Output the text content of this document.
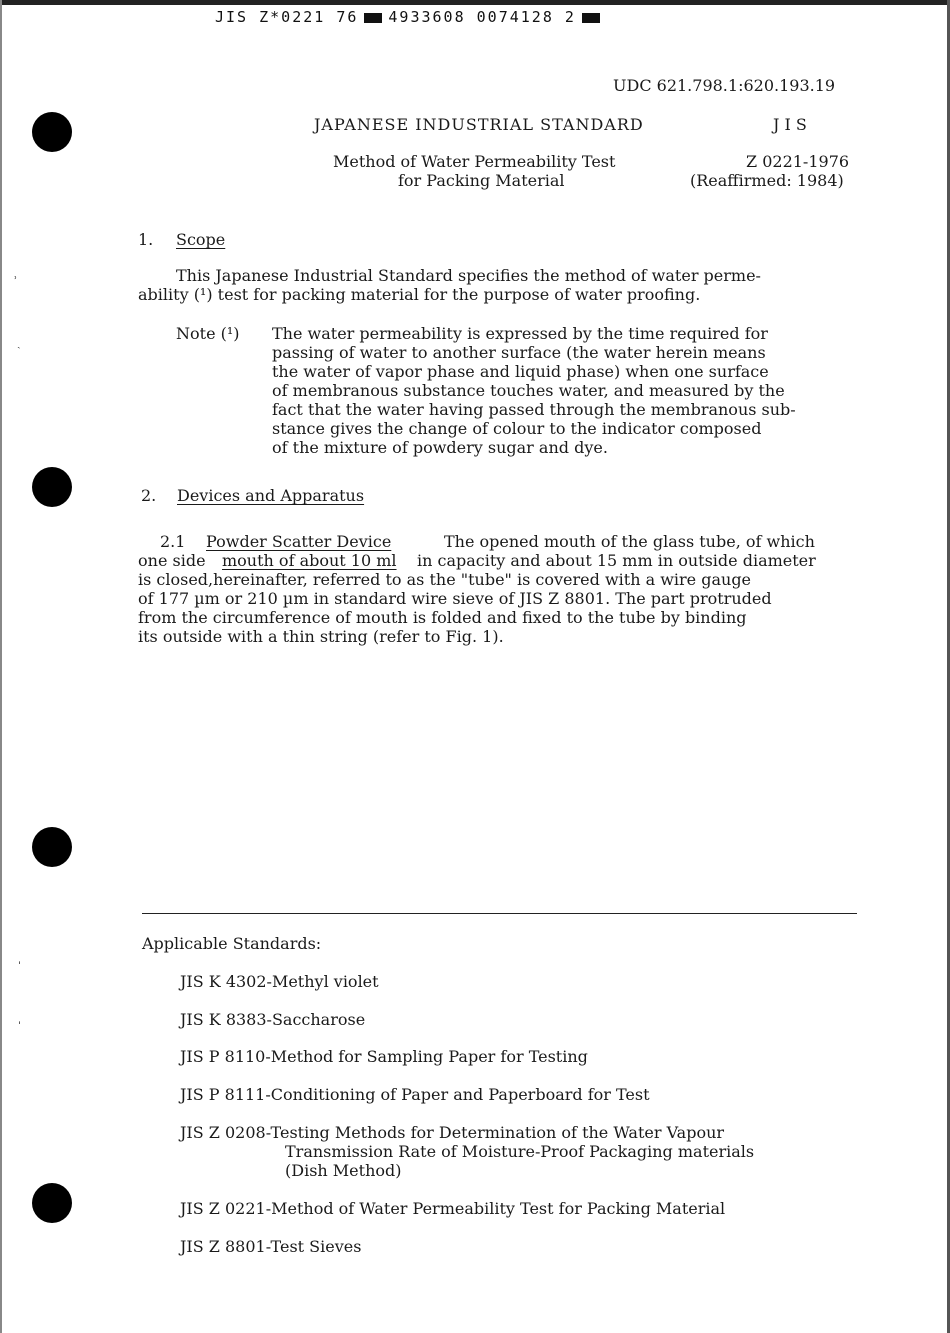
JIS Z*0221 76 4933608 0074128 2
˒
ˎ
ˈ
ˈ
UDC 621.798.1:620.193.19
JAPANESE INDUSTRIAL STANDARD	J I S
Method of Water Permeability Test
for Packing Material
Z 0221-1976
(Reaffirmed: 1984)
1. Scope
This Japanese Industrial Standard specifies the method of water perme-
ability (¹) test for packing material for the purpose of water proofing.
Note (¹) The water permeability is expressed by the time required for
passing of water to another surface (the water herein means
the water of vapor phase and liquid phase) when one surface
of membranous substance touches water, and measured by the
fact that the water having passed through the membranous sub-
stance gives the change of colour to the indicator composed
of the mixture of powdery sugar and dye.
2. Devices and Apparatus
2.1 Powder Scatter Device	The opened mouth of the glass tube, of which
one side mouth of about 10 ml in capacity and about 15 mm in outside diameter
is closed,hereinafter, referred to as the "tube" is covered with a wire gauge
of 177 µm or 210 µm in standard wire sieve of JIS Z 8801. The part protruded
from the circumference of mouth is folded and fixed to the tube by binding
its outside with a thin string (refer to Fig. 1).
Applicable Standards:
JIS K 4302-Methyl violet
JIS K 8383-Saccharose
JIS P 8110-Method for Sampling Paper for Testing
JIS P 8111-Conditioning of Paper and Paperboard for Test
JIS Z 0208-Testing Methods for Determination of the Water Vapour
Transmission Rate of Moisture-Proof Packaging materials
(Dish Method)
JIS Z 0221-Method of Water Permeability Test for Packing Material
JIS Z 8801-Test Sieves
